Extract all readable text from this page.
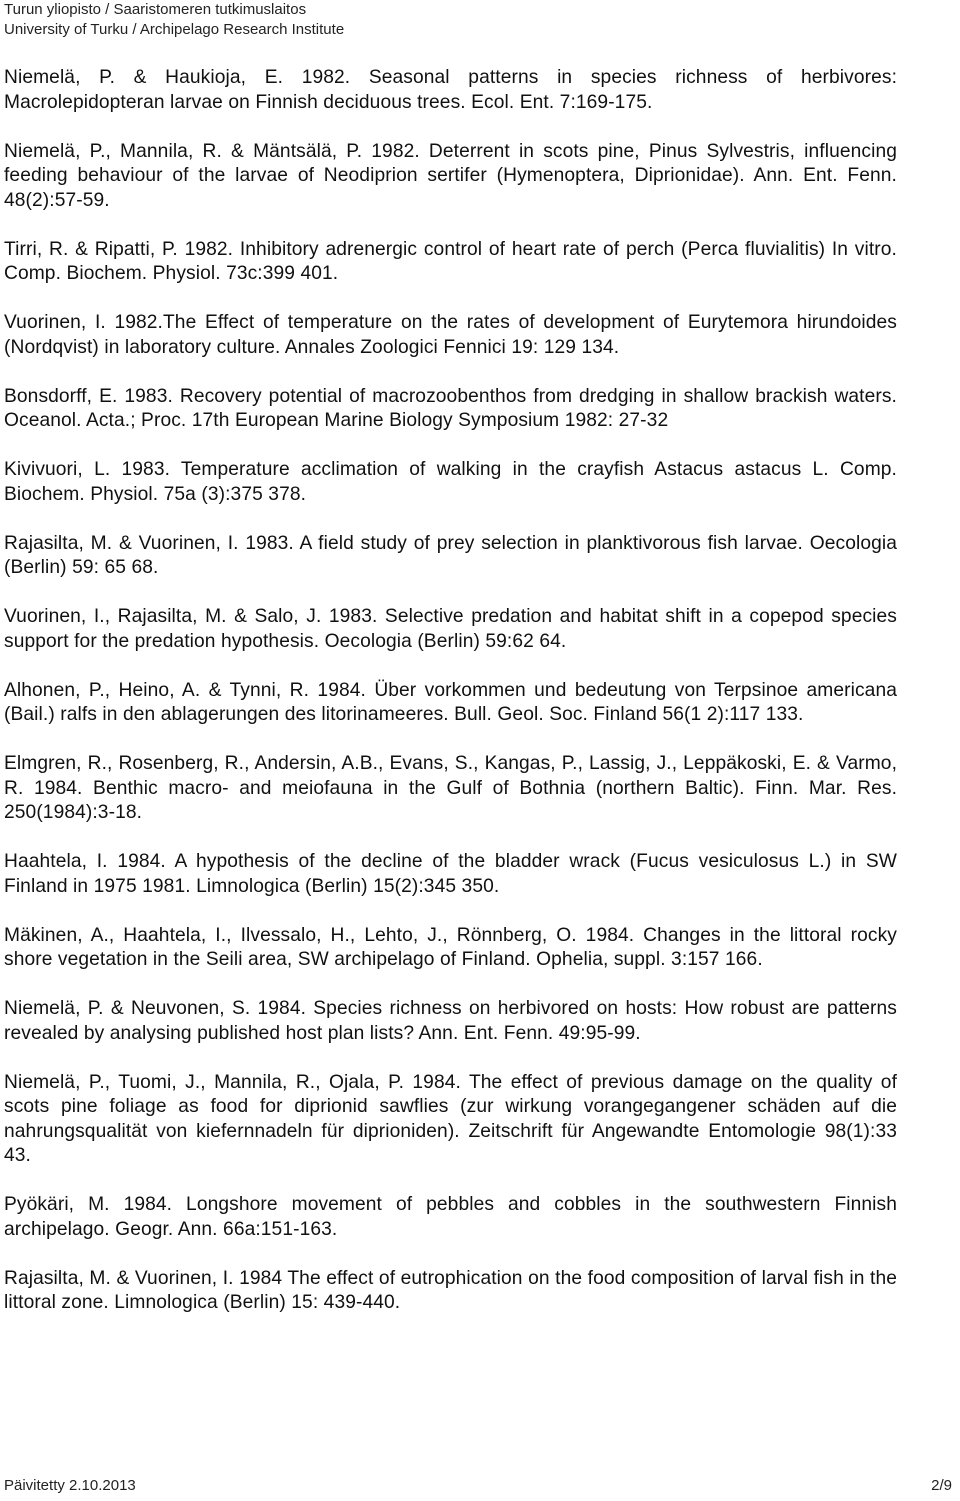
Turun yliopisto / Saaristomeren tutkimuslaitos
University of Turku / Archipelago Research Institute

Niemelä, P. & Haukioja, E. 1982. Seasonal patterns in species richness of herbivores: Macrolepidopteran larvae on Finnish deciduous trees. Ecol. Ent. 7:169-175.

Niemelä, P., Mannila, R. & Mäntsälä, P. 1982. Deterrent in scots pine, Pinus Sylvestris, influencing feeding behaviour of the larvae of Neodiprion sertifer (Hymenoptera, Diprionidae). Ann. Ent. Fenn. 48(2):57-59.

Tirri, R. & Ripatti, P. 1982. Inhibitory adrenergic control of heart rate of perch (Perca fluvialitis) In vitro. Comp. Biochem. Physiol. 73c:399 401.

Vuorinen, I. 1982.The Effect of temperature on the rates of development of Eurytemora hirundoides (Nordqvist) in laboratory culture. Annales Zoologici Fennici 19: 129 134.

Bonsdorff, E. 1983. Recovery potential of macrozoobenthos from dredging in shallow brackish waters. Oceanol. Acta.; Proc. 17th European Marine Biology Symposium 1982: 27-32

Kivivuori, L. 1983. Temperature acclimation of walking in the crayfish Astacus astacus L. Comp. Biochem. Physiol. 75a (3):375 378.

Rajasilta, M. & Vuorinen, I. 1983. A field study of prey selection in planktivorous fish larvae. Oecologia (Berlin) 59: 65 68.

Vuorinen, I., Rajasilta, M. & Salo, J. 1983. Selective predation and habitat shift in a copepod species support for the predation hypothesis. Oecologia (Berlin) 59:62 64.

Alhonen, P., Heino, A. & Tynni, R. 1984. Über vorkommen und bedeutung von Terpsinoe americana (Bail.) ralfs in den ablagerungen des litorinameeres. Bull. Geol. Soc. Finland 56(1 2):117 133.

Elmgren, R., Rosenberg, R., Andersin, A.B., Evans, S., Kangas, P., Lassig, J., Leppäkoski, E. & Varmo, R. 1984. Benthic macro- and meiofauna in the Gulf of Bothnia (northern Baltic). Finn. Mar. Res. 250(1984):3-18.

Haahtela, I. 1984. A hypothesis of the decline of the bladder wrack (Fucus vesiculosus L.) in SW Finland in 1975 1981. Limnologica (Berlin) 15(2):345 350.

Mäkinen, A., Haahtela, I., Ilvessalo, H., Lehto, J., Rönnberg, O. 1984. Changes in the littoral rocky shore vegetation in the Seili area, SW archipelago of Finland. Ophelia, suppl. 3:157 166.

Niemelä, P. & Neuvonen, S. 1984. Species richness on herbivored on hosts: How robust are patterns revealed by analysing published host plan lists? Ann. Ent. Fenn. 49:95-99.

Niemelä, P., Tuomi, J., Mannila, R., Ojala, P. 1984. The effect of previous damage on the quality of scots pine foliage as food for diprionid sawflies (zur wirkung vorangegangener schäden auf die nahrungsqualität von kiefernnadeln für diprioniden). Zeitschrift für Angewandte Entomologie 98(1):33 43.

Pyökäri, M. 1984. Longshore movement of pebbles and cobbles in the southwestern Finnish archipelago. Geogr. Ann. 66a:151-163.

Rajasilta, M. & Vuorinen, I. 1984 The effect of eutrophication on the food composition of larval fish in the littoral zone. Limnologica (Berlin) 15: 439-440.

Päivitetty 2.10.2013	2/9
